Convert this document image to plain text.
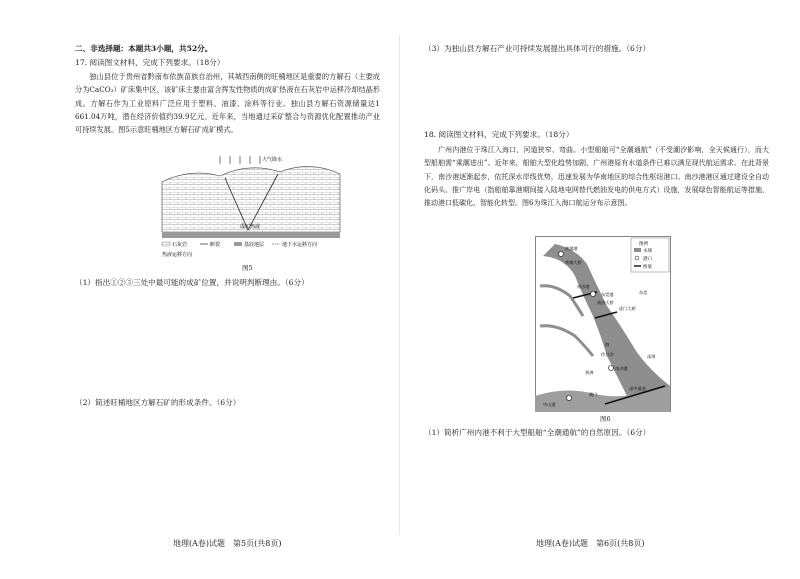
二、非选择题：本题共3小题，共52分。
17. 阅读图文材料，完成下列要求。（18分）
独山县位于贵州省黔南布依族苗族自治州，其城西南侧的旺桶地区是重要的方解石（主要成分为CaCO₃）矿床集中区，该矿床主要由富含挥发性物质的成矿热液在石灰岩中运移冷却结晶形成。方解石作为工业原料广泛应用于塑料、油漆、涂料等行业。独山县方解石资源储量达1 661.04万吨，潜在经济价值约39.9亿元。近年来，当地通过采矿整合与资源优化配置推动产业可持续发展。图5示意旺桶地区方解石矿成矿模式。
大气降水
成矿热液
石灰岩	断裂	基底地层	地下水运移方向
热液运移方向
图5
（1）指出①②③三处中最可能的成矿位置，并说明判断理由。（6分）
（2）简述旺桶地区方解石矿的形成条件。（6分）
地理(A卷)试题　第5页(共8页)
（3）为独山县方解石产业可持续发展提出具体可行的措施。（6分）
18. 阅读图文材料，完成下列要求。（18分）
广州内港位于珠江入海口，河道狭窄、弯曲。小型船舶可“全潮通航”（不受潮汐影响，全天候通行），而大型船舶需“乘潮进出”。近年来，船舶大型化趋势加剧，广州港原有水道条件已难以满足现代航运需求。在此背景下，南沙港逐渐起步，依托深水岸线优势，迅速发展为华南地区的综合性枢纽港口。南沙港港区通过建设全自动化码头、推广岸电（指船舶靠港期间接入陆地电网替代燃油发电的供电方式）设施，发展绿色智能航运等措施，推动港口低碳化、智能化转型。图6为珠江入海口航运分布示意图。
图例
水域
港口
桥梁
黄埔港
黄埔大桥
南沙港
南沙大桥
东莞港	东莞
虎门大桥
深圳
南沙港
香洲
澳门
中山港
伶仃洋
海
深中通道
图6
（1）简析广州内港不利于大型船舶“全潮通航”的自然原因。（6分）
地理(A卷)试题　第6页(共8页)
